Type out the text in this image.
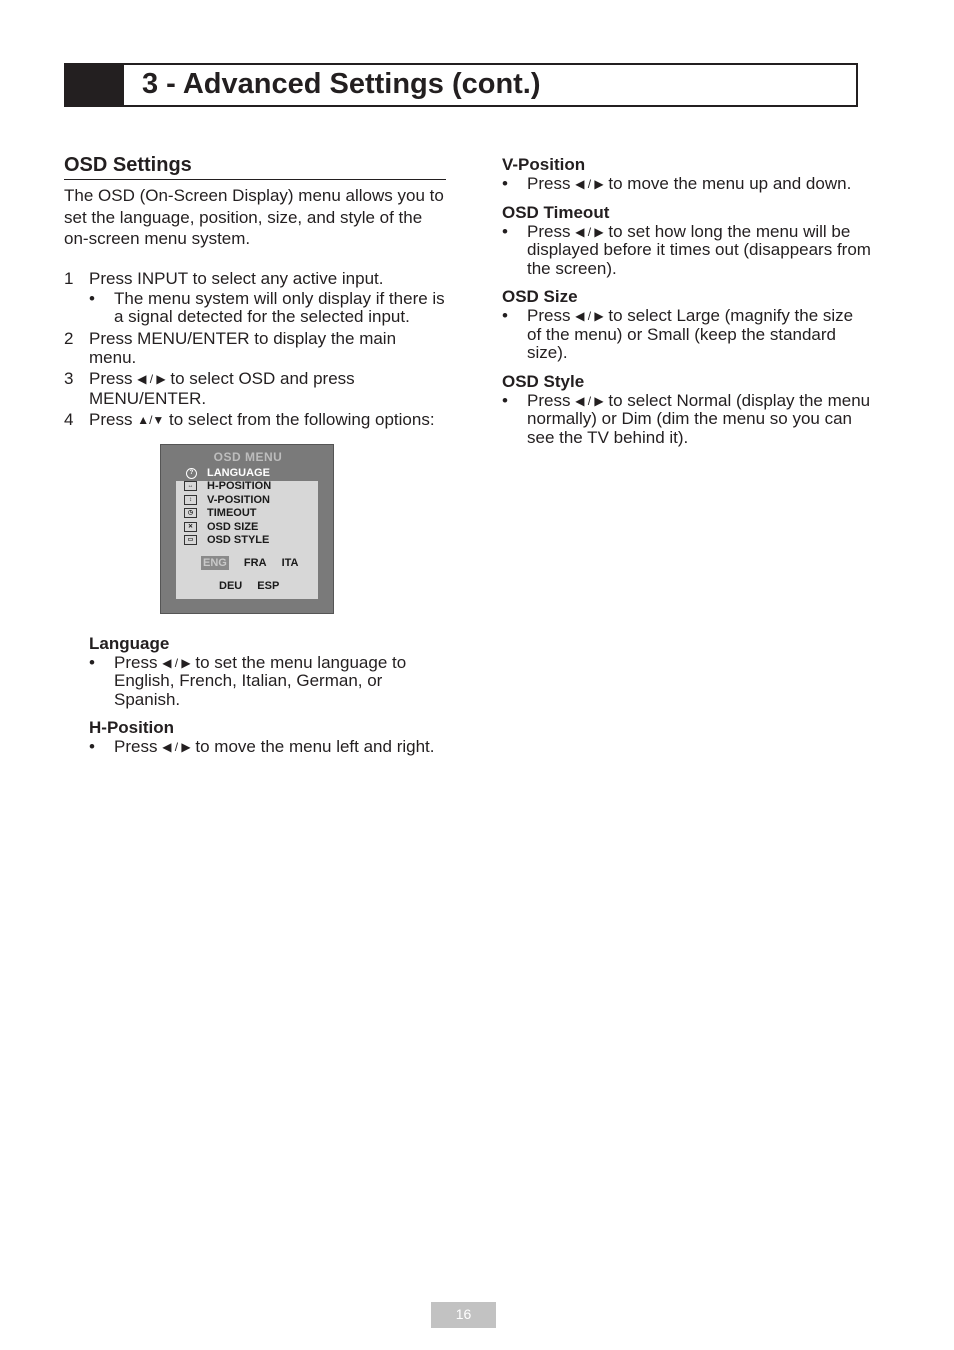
3 - Advanced Settings (cont.)
OSD Settings

The OSD (On-Screen Display) menu allows you to set the language, position, size, and style of the on-screen menu system.

1 Press INPUT to select any active input.
• The menu system will only display if there is a signal detected for the selected input.
2 Press MENU/ENTER to display the main menu.
3 Press ◀ / ▶ to select OSD and press MENU/ENTER.
4 Press ▲/▼ to select from the following options:
OSD MENU
?	LANGUAGE
↔	H-POSITION
↕	V-POSITION
◷	TIMEOUT
✕	OSD SIZE
▭	OSD STYLE
ENG FRA ITA
DEU ESP
Language
• Press ◀ / ▶ to set the menu language to English, French, Italian, German, or Spanish.
H-Position
• Press ◀ / ▶ to move the menu left and right.
V-Position
• Press ◀ / ▶ to move the menu up and down.
OSD Timeout
• Press ◀ / ▶ to set how long the menu will be displayed before it times out (disappears from the screen).
OSD Size
• Press ◀ / ▶ to select Large (magnify the size of the menu) or Small (keep the standard size).
OSD Style
• Press ◀ / ▶ to select Normal (display the menu normally) or Dim (dim the menu so you can see the TV behind it).
16
